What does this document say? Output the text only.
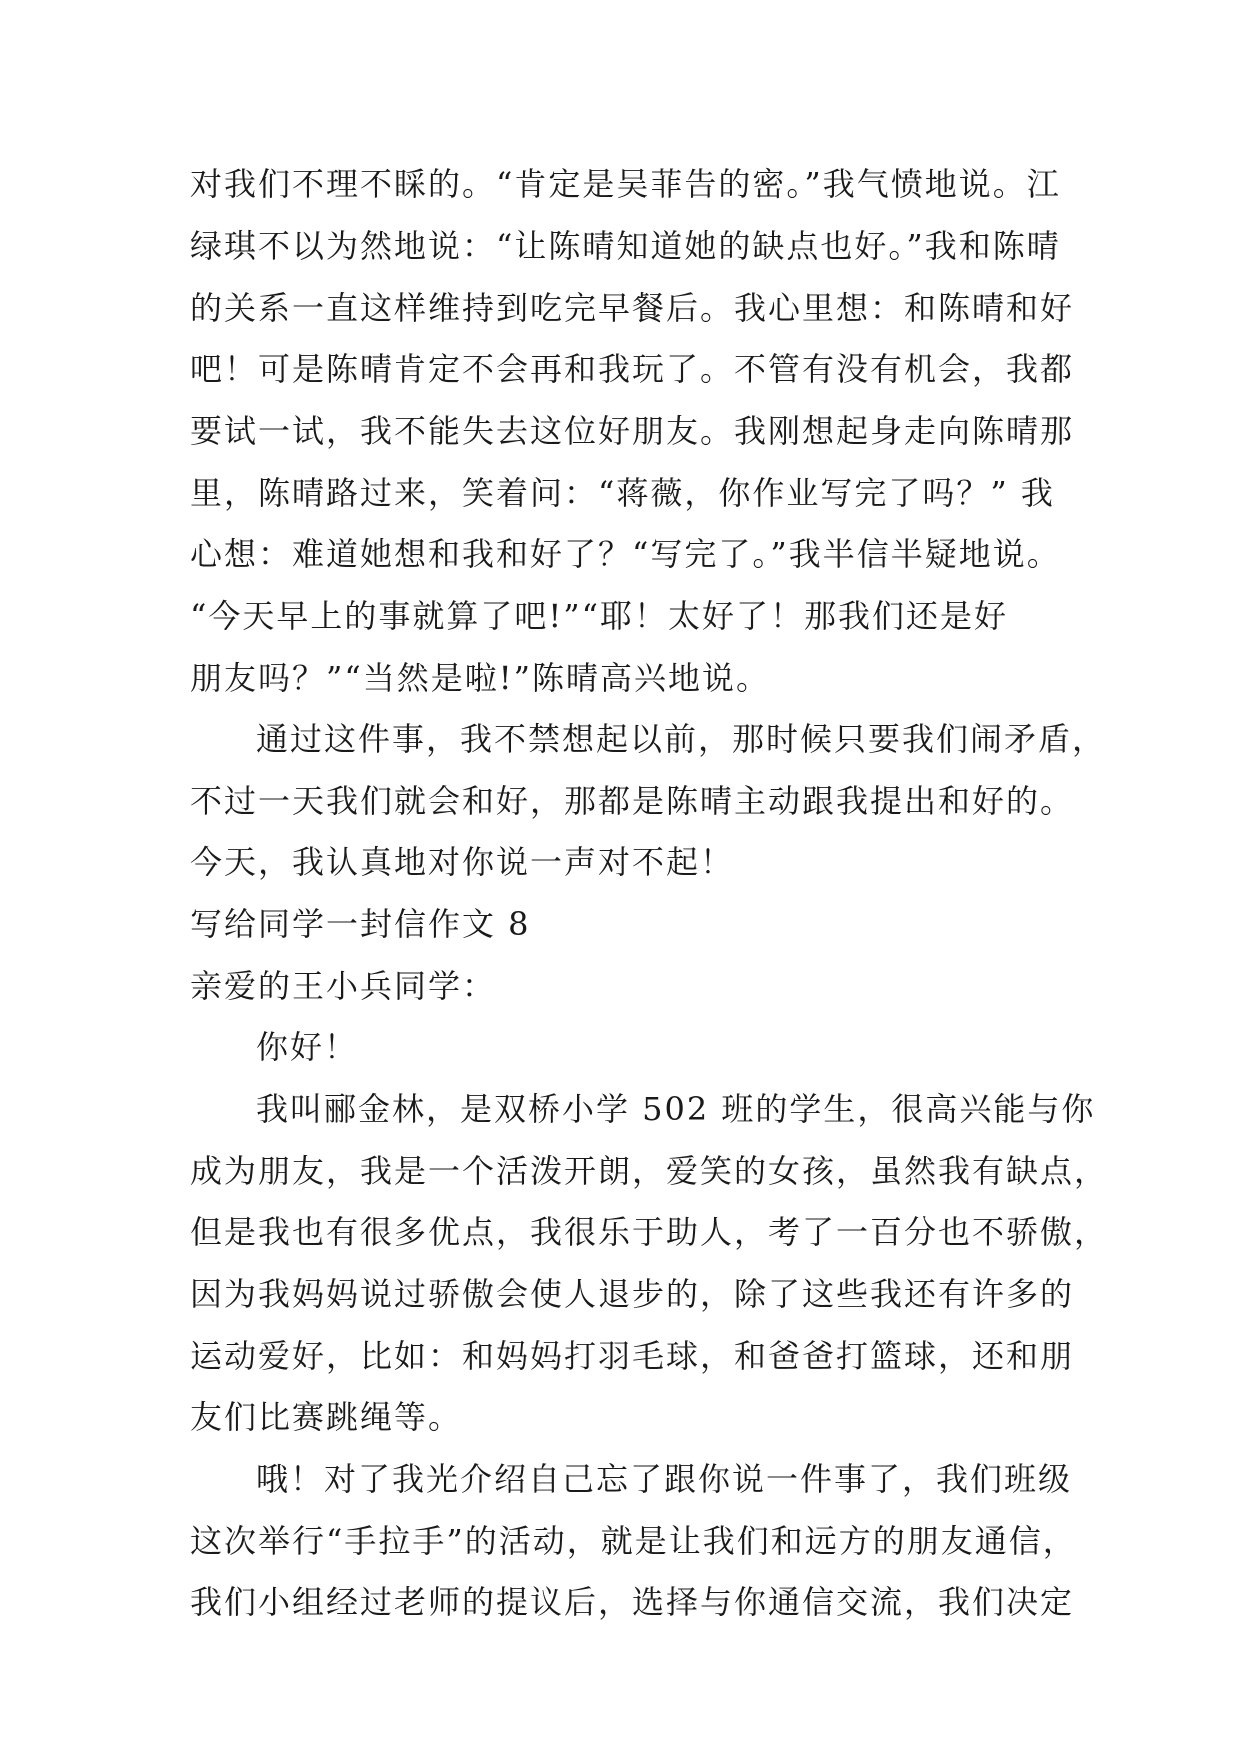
对我们不理不睬的。“肯定是吴菲告的密。”我气愤地说。江
绿琪不以为然地说：“让陈晴知道她的缺点也好。”我和陈晴
的关系一直这样维持到吃完早餐后。我心里想：和陈晴和好
吧！可是陈晴肯定不会再和我玩了。不管有没有机会，我都
要试一试，我不能失去这位好朋友。我刚想起身走向陈晴那
里，陈晴路过来，笑着问：“蒋薇，你作业写完了吗？” 我
心想：难道她想和我和好了？“写完了。”我半信半疑地说。
“今天早上的事就算了吧!”“耶！太好了！那我们还是好
朋友吗？”“当然是啦!”陈晴高兴地说。
通过这件事，我不禁想起以前，那时候只要我们闹矛盾，
不过一天我们就会和好，那都是陈晴主动跟我提出和好的。
今天，我认真地对你说一声对不起！
写给同学一封信作文 8
亲爱的王小兵同学：
你好！
我叫郦金林，是双桥小学 502 班的学生，很高兴能与你
成为朋友，我是一个活泼开朗，爱笑的女孩，虽然我有缺点，
但是我也有很多优点，我很乐于助人，考了一百分也不骄傲，
因为我妈妈说过骄傲会使人退步的，除了这些我还有许多的
运动爱好，比如：和妈妈打羽毛球，和爸爸打篮球，还和朋
友们比赛跳绳等。
哦！对了我光介绍自己忘了跟你说一件事了，我们班级
这次举行“手拉手”的活动，就是让我们和远方的朋友通信，
我们小组经过老师的提议后，选择与你通信交流，我们决定
